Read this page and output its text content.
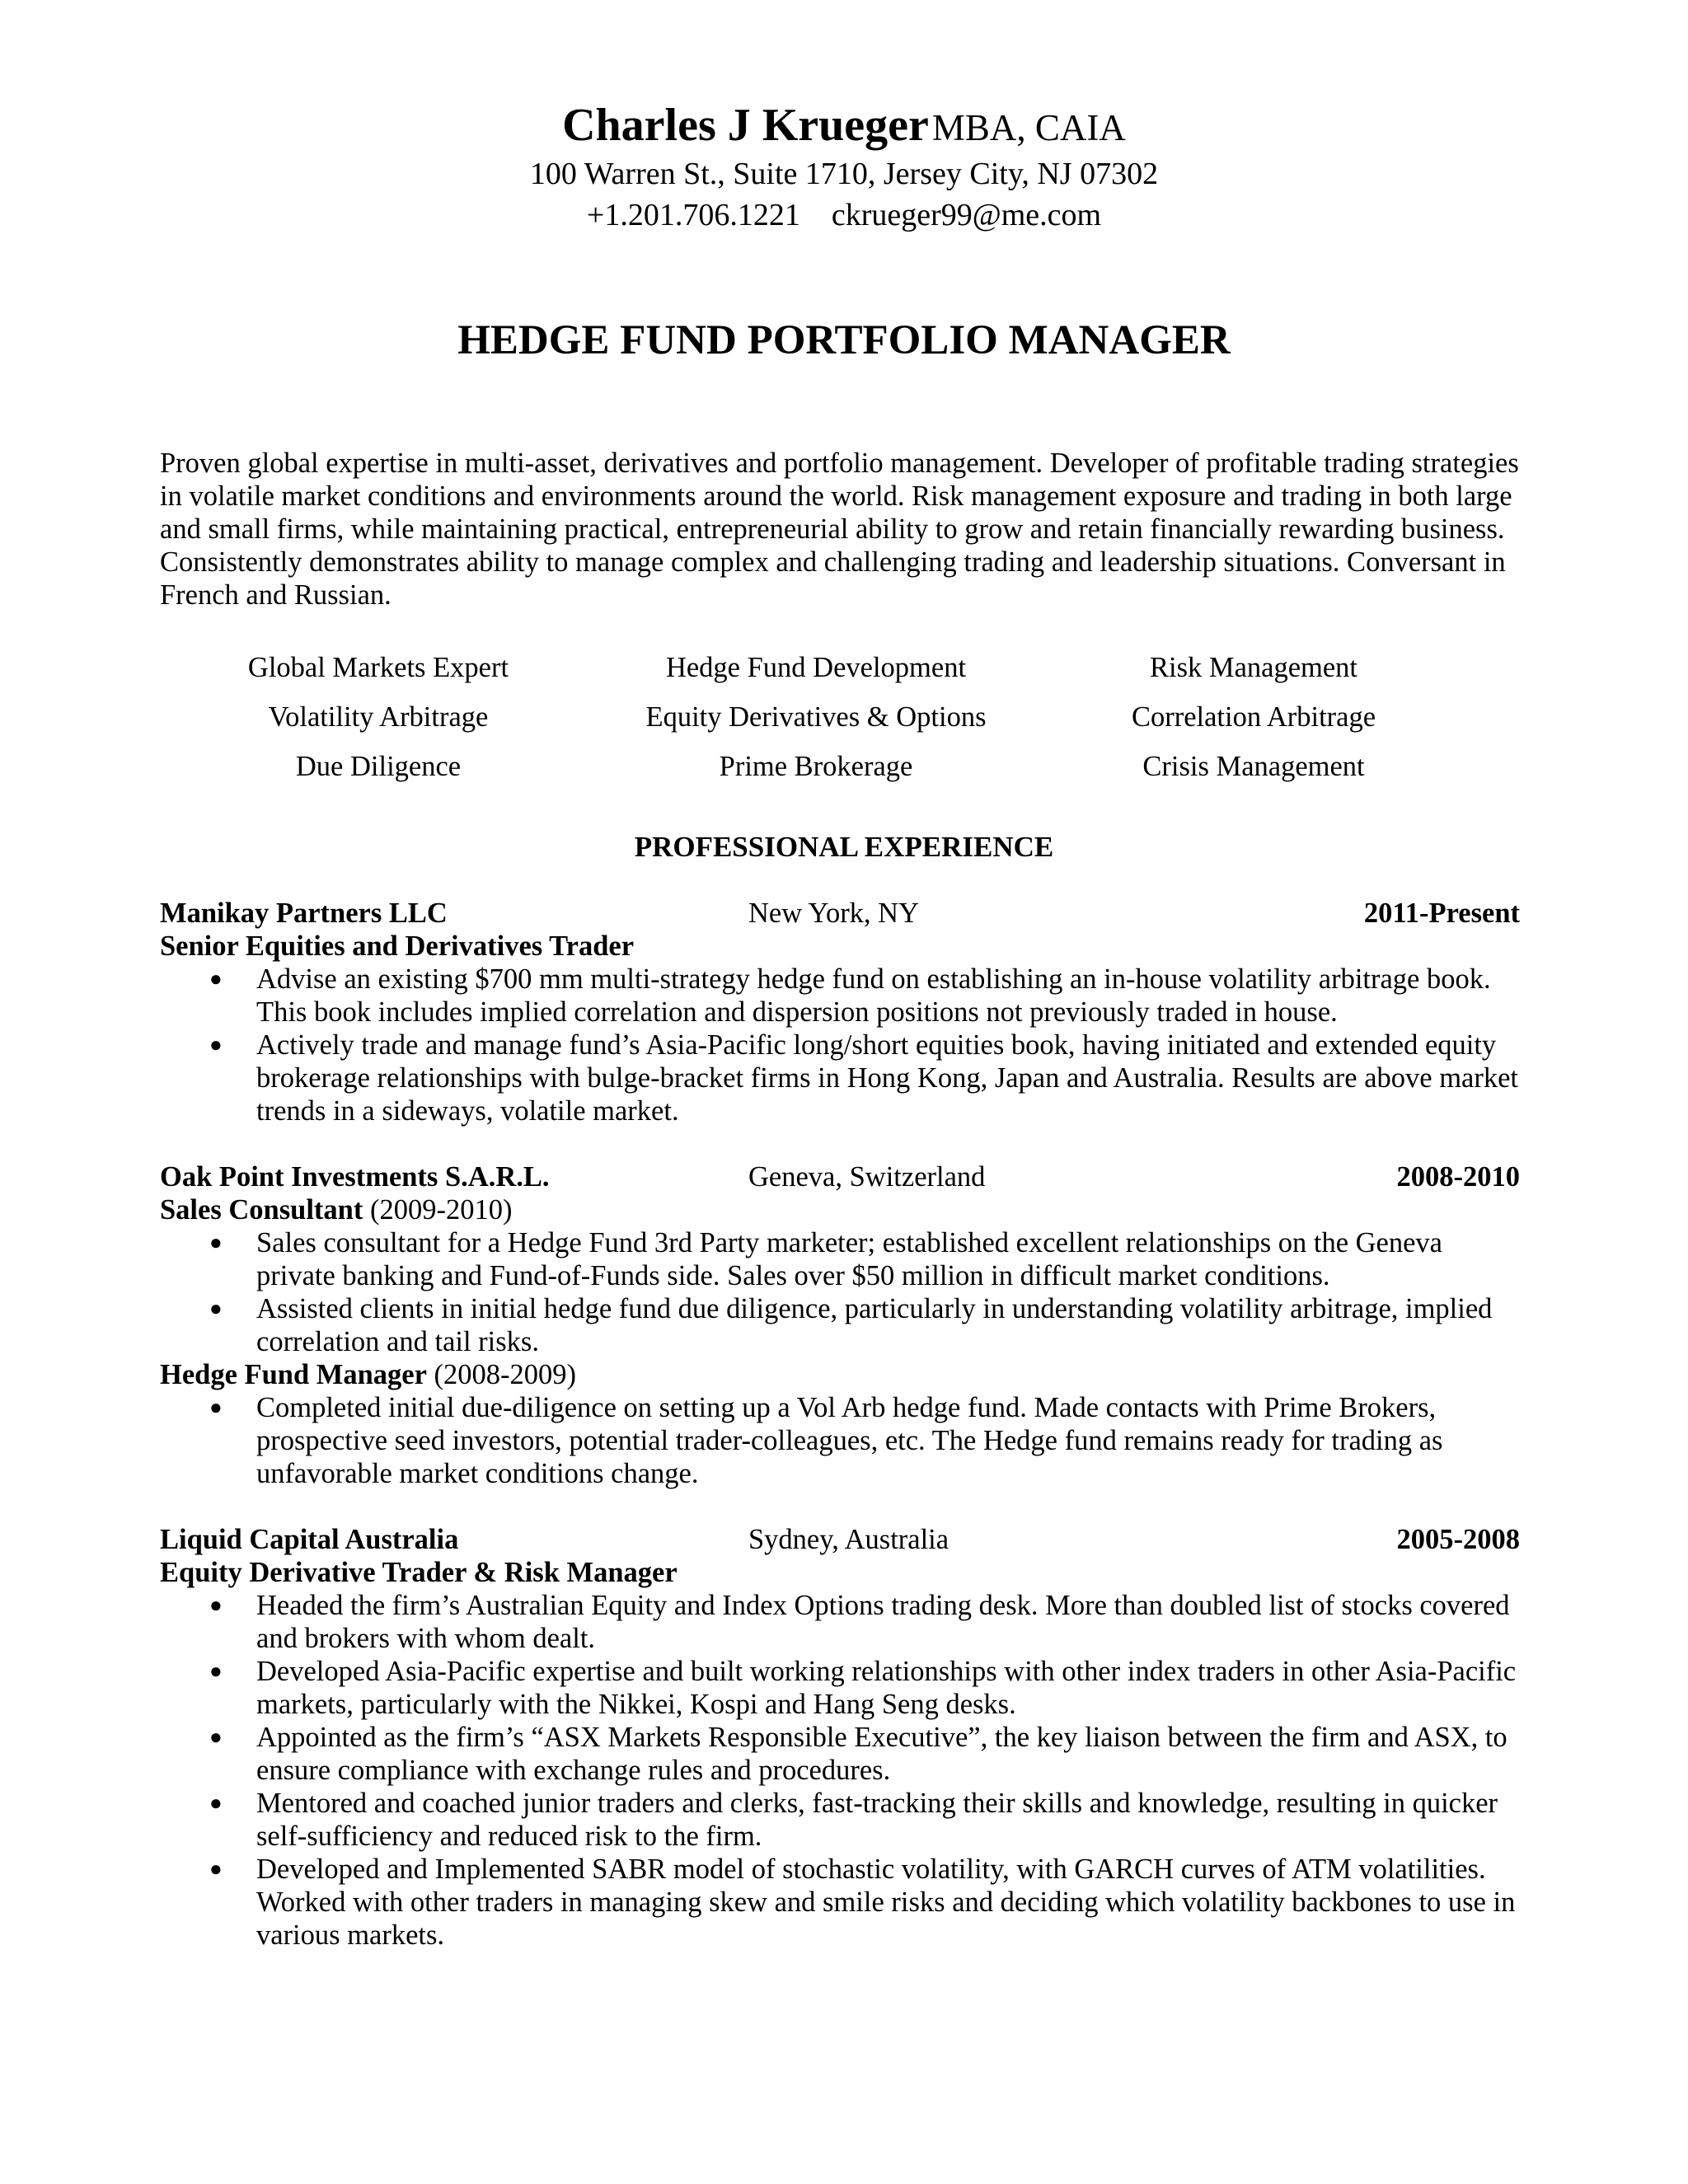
Charles J Krueger MBA, CAIA
100 Warren St., Suite 1710, Jersey City, NJ 07302
+1.201.706.1221 ckrueger99@me.com
HEDGE FUND PORTFOLIO MANAGER
Proven global expertise in multi-asset, derivatives and portfolio management. Developer of profitable trading strategies in volatile market conditions and environments around the world. Risk management exposure and trading in both large and small firms, while maintaining practical, entrepreneurial ability to grow and retain financially rewarding business. Consistently demonstrates ability to manage complex and challenging trading and leadership situations. Conversant in French and Russian.
Global Markets Expert	Hedge Fund Development	Risk Management
Volatility Arbitrage	Equity Derivatives & Options	Correlation Arbitrage
Due Diligence	Prime Brokerage	Crisis Management
PROFESSIONAL EXPERIENCE
Manikay Partners LLC	New York, NY	2011-Present
Senior Equities and Derivatives Trader
● Advise an existing $700 mm multi-strategy hedge fund on establishing an in-house volatility arbitrage book. This book includes implied correlation and dispersion positions not previously traded in house.
● Actively trade and manage fund’s Asia-Pacific long/short equities book, having initiated and extended equity brokerage relationships with bulge-bracket firms in Hong Kong, Japan and Australia. Results are above market trends in a sideways, volatile market.
Oak Point Investments S.A.R.L.	Geneva, Switzerland	2008-2010
Sales Consultant (2009-2010)
● Sales consultant for a Hedge Fund 3rd Party marketer; established excellent relationships on the Geneva private banking and Fund-of-Funds side. Sales over $50 million in difficult market conditions.
● Assisted clients in initial hedge fund due diligence, particularly in understanding volatility arbitrage, implied correlation and tail risks.
Hedge Fund Manager (2008-2009)
● Completed initial due-diligence on setting up a Vol Arb hedge fund. Made contacts with Prime Brokers, prospective seed investors, potential trader-colleagues, etc. The Hedge fund remains ready for trading as unfavorable market conditions change.
Liquid Capital Australia	Sydney, Australia	2005-2008
Equity Derivative Trader & Risk Manager
● Headed the firm’s Australian Equity and Index Options trading desk. More than doubled list of stocks covered and brokers with whom dealt.
● Developed Asia-Pacific expertise and built working relationships with other index traders in other Asia-Pacific markets, particularly with the Nikkei, Kospi and Hang Seng desks.
● Appointed as the firm’s “ASX Markets Responsible Executive”, the key liaison between the firm and ASX, to ensure compliance with exchange rules and procedures.
● Mentored and coached junior traders and clerks, fast-tracking their skills and knowledge, resulting in quicker self-sufficiency and reduced risk to the firm.
● Developed and Implemented SABR model of stochastic volatility, with GARCH curves of ATM volatilities. Worked with other traders in managing skew and smile risks and deciding which volatility backbones to use in various markets.
